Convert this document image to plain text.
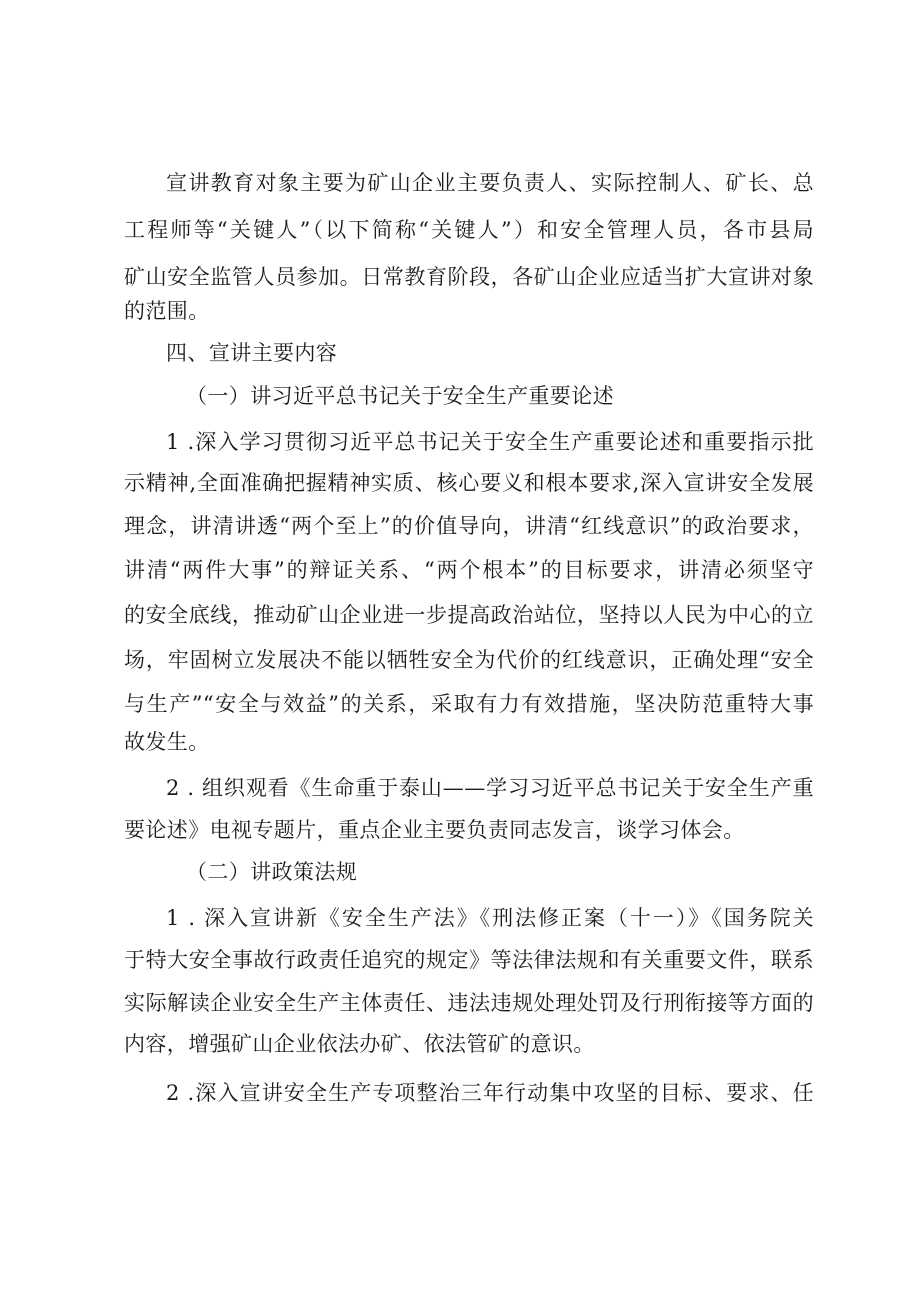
宣讲教育对象主要为矿山企业主要负责人、实际控制人、矿长、总
工程师等“关键人”（以下简称“关键人”）和安全管理人员，各市县局
矿山安全监管人员参加。日常教育阶段，各矿山企业应适当扩大宣讲对象
的范围。
四、宣讲主要内容
（一）讲习近平总书记关于安全生产重要论述
1 .深入学习贯彻习近平总书记关于安全生产重要论述和重要指示批
示精神,全面准确把握精神实质、核心要义和根本要求,深入宣讲安全发展
理念，讲清讲透“两个至上”的价值导向，讲清“红线意识”的政治要求，
讲清“两件大事”的辩证关系、“两个根本”的目标要求，讲清必须坚守
的安全底线，推动矿山企业进一步提高政治站位，坚持以人民为中心的立
场，牢固树立发展决不能以牺牲安全为代价的红线意识，正确处理“安全
与生产”“安全与效益”的关系，采取有力有效措施，坚决防范重特大事
故发生。
2 . 组织观看《生命重于泰山——学习习近平总书记关于安全生产重
要论述》电视专题片，重点企业主要负责同志发言，谈学习体会。
（二）讲政策法规
1 . 深入宣讲新《安全生产法》《刑法修正案（十一）》《国务院关
于特大安全事故行政责任追究的规定》等法律法规和有关重要文件，联系
实际解读企业安全生产主体责任、违法违规处理处罚及行刑衔接等方面的
内容，增强矿山企业依法办矿、依法管矿的意识。
2 .深入宣讲安全生产专项整治三年行动集中攻坚的目标、要求、任
